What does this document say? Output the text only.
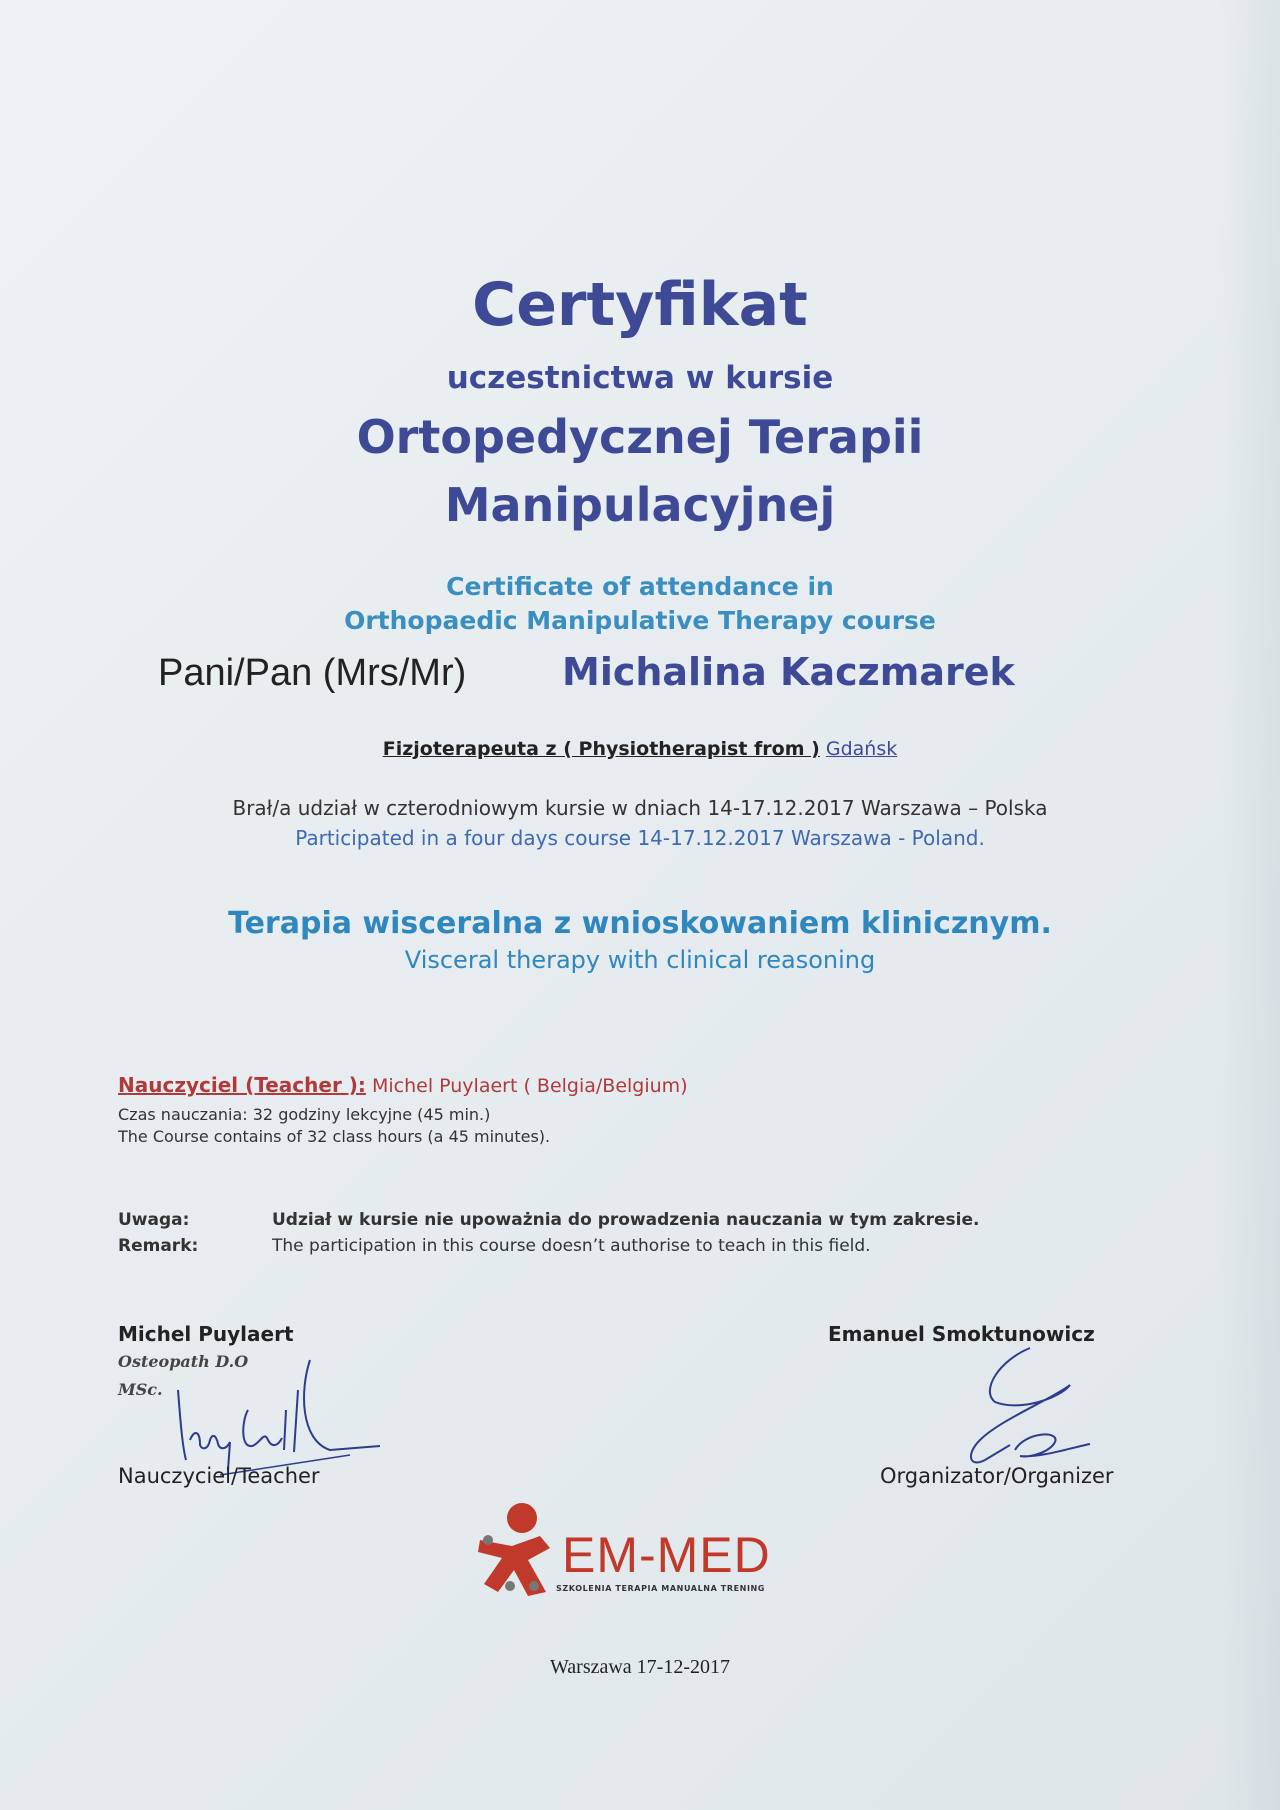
Certyfikat
uczestnictwa w kursie
Ortopedycznej Terapii
Manipulacyjnej
Certificate of attendance in
Orthopaedic Manipulative Therapy course
Pani/Pan (Mrs/Mr)	Michalina Kaczmarek
Fizjoterapeuta z ( Physiotherapist from ) Gdańsk
Brał/a udział w czterodniowym kursie w dniach 14-17.12.2017 Warszawa – Polska
Participated in a four days course 14-17.12.2017 Warszawa - Poland.
Terapia wisceralna z wnioskowaniem klinicznym.
Visceral therapy with clinical reasoning
Nauczyciel (Teacher ): Michel Puylaert ( Belgia/Belgium)
Czas nauczania: 32 godziny lekcyjne (45 min.)
The Course contains of 32 class hours (a 45 minutes).
Uwaga:	Udział w kursie nie upoważnia do prowadzenia nauczania w tym zakresie.
Remark:	The participation in this course doesn’t authorise to teach in this field.
Michel Puylaert
Osteopath D.O
MSc.
Nauczyciel/Teacher
Emanuel Smoktunowicz
Organizator/Organizer
EM-MED
SZKOLENIA TERAPIA MANUALNA TRENING
Warszawa 17-12-2017
